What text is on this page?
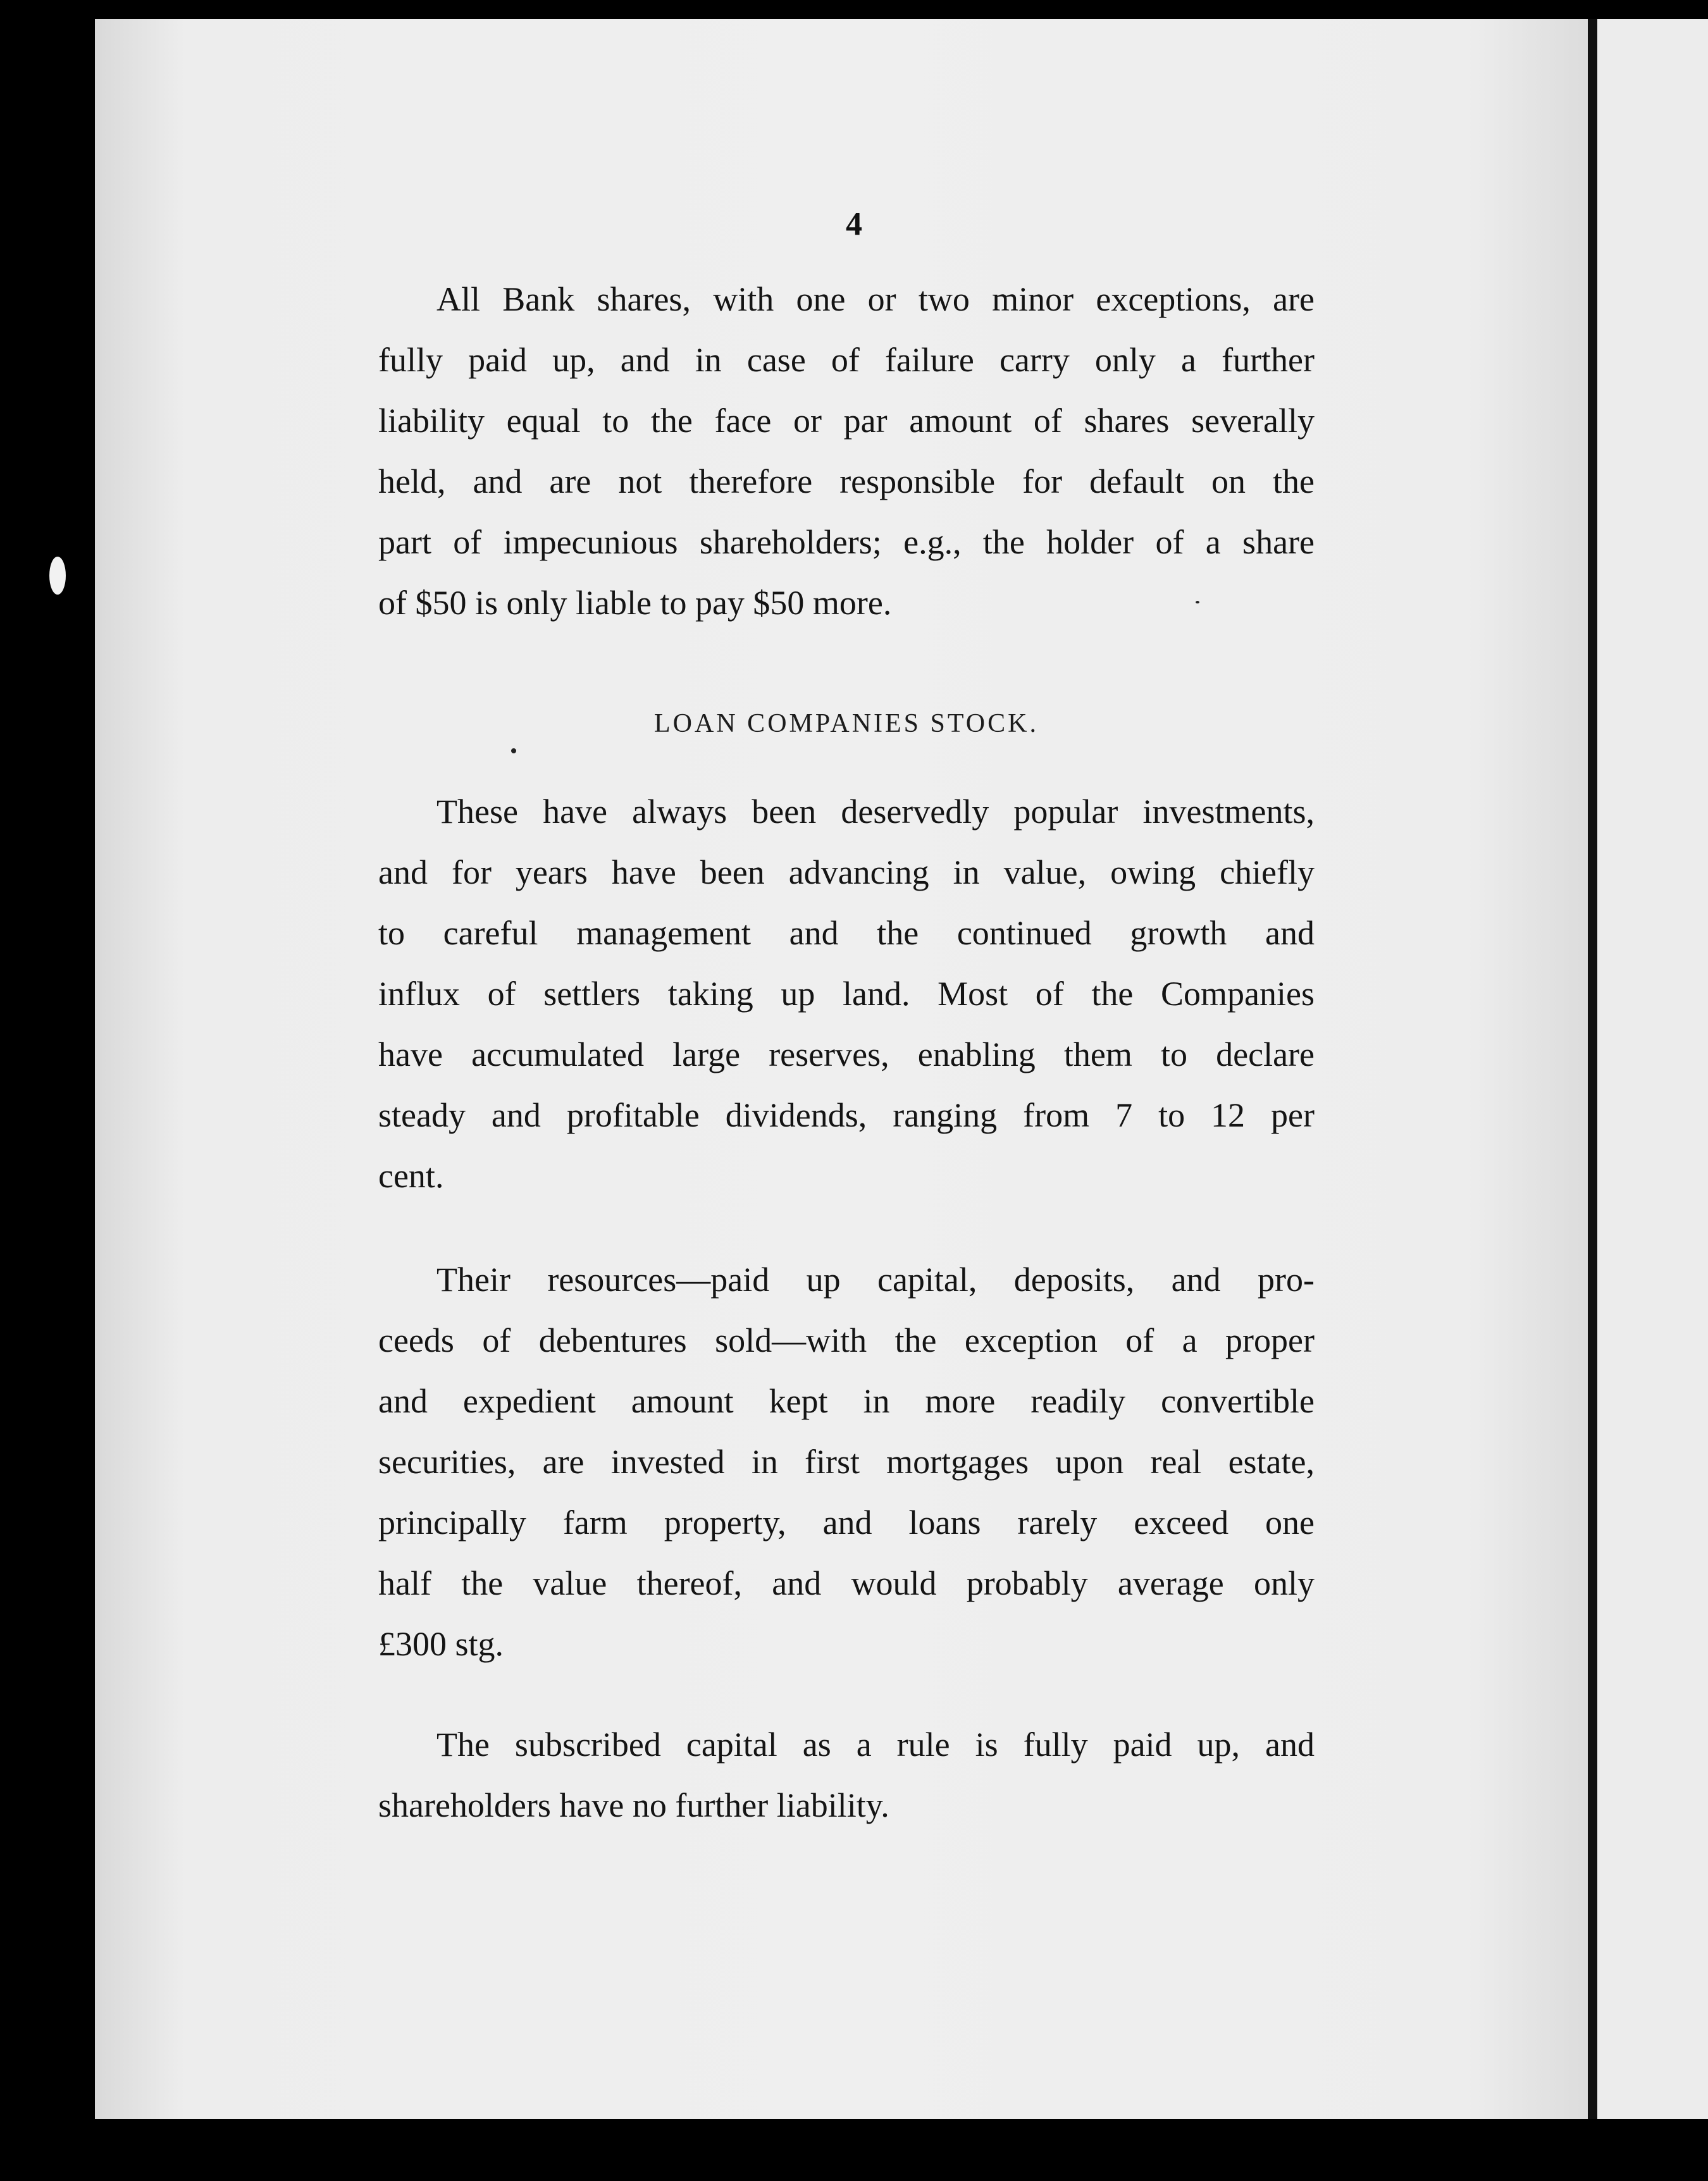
4
All Bank shares, with one or two minor exceptions, are
fully paid up, and in case of failure carry only a further
liability equal to the face or par amount of shares severally
held, and are not therefore responsible for default on the
part of impecunious shareholders; e.g., the holder of a share
of $50 is only liable to pay $50 more.
LOAN COMPANIES STOCK.
These have always been deservedly popular investments,
and for years have been advancing in value, owing chiefly
to careful management and the continued growth and
influx of settlers taking up land. Most of the Companies
have accumulated large reserves, enabling them to declare
steady and profitable dividends, ranging from 7 to 12 per
cent.
Their resources—paid up capital, deposits, and pro-
ceeds of debentures sold—with the exception of a proper
and expedient amount kept in more readily convertible
securities, are invested in first mortgages upon real estate,
principally farm property, and loans rarely exceed one
half the value thereof, and would probably average only
£300 stg.
The subscribed capital as a rule is fully paid up, and
shareholders have no further liability.
